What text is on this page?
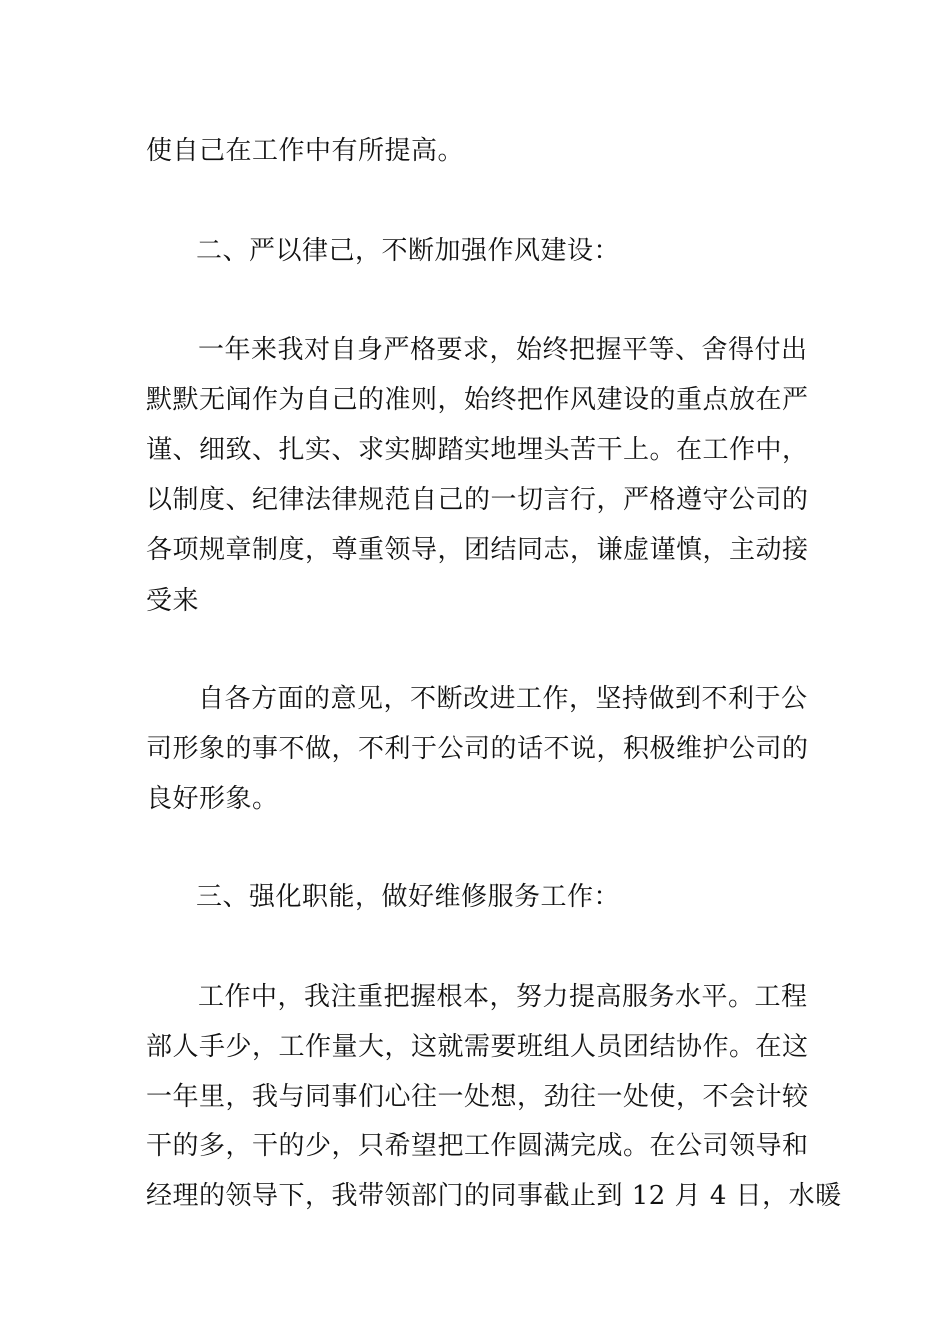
使自己在工作中有所提高。
二、严以律己，不断加强作风建设：
一年来我对自身严格要求，始终把握平等、舍得付出
默默无闻作为自己的准则，始终把作风建设的重点放在严
谨、细致、扎实、求实脚踏实地埋头苦干上。在工作中，
以制度、纪律法律规范自己的一切言行，严格遵守公司的
各项规章制度，尊重领导，团结同志，谦虚谨慎，主动接
受来
自各方面的意见，不断改进工作，坚持做到不利于公
司形象的事不做，不利于公司的话不说，积极维护公司的
良好形象。
三、强化职能，做好维修服务工作：
工作中，我注重把握根本，努力提高服务水平。工程
部人手少，工作量大，这就需要班组人员团结协作。在这
一年里，我与同事们心往一处想，劲往一处使，不会计较
干的多，干的少，只希望把工作圆满完成。在公司领导和
经理的领导下，我带领部门的同事截止到 12 月 4 日，水暖
